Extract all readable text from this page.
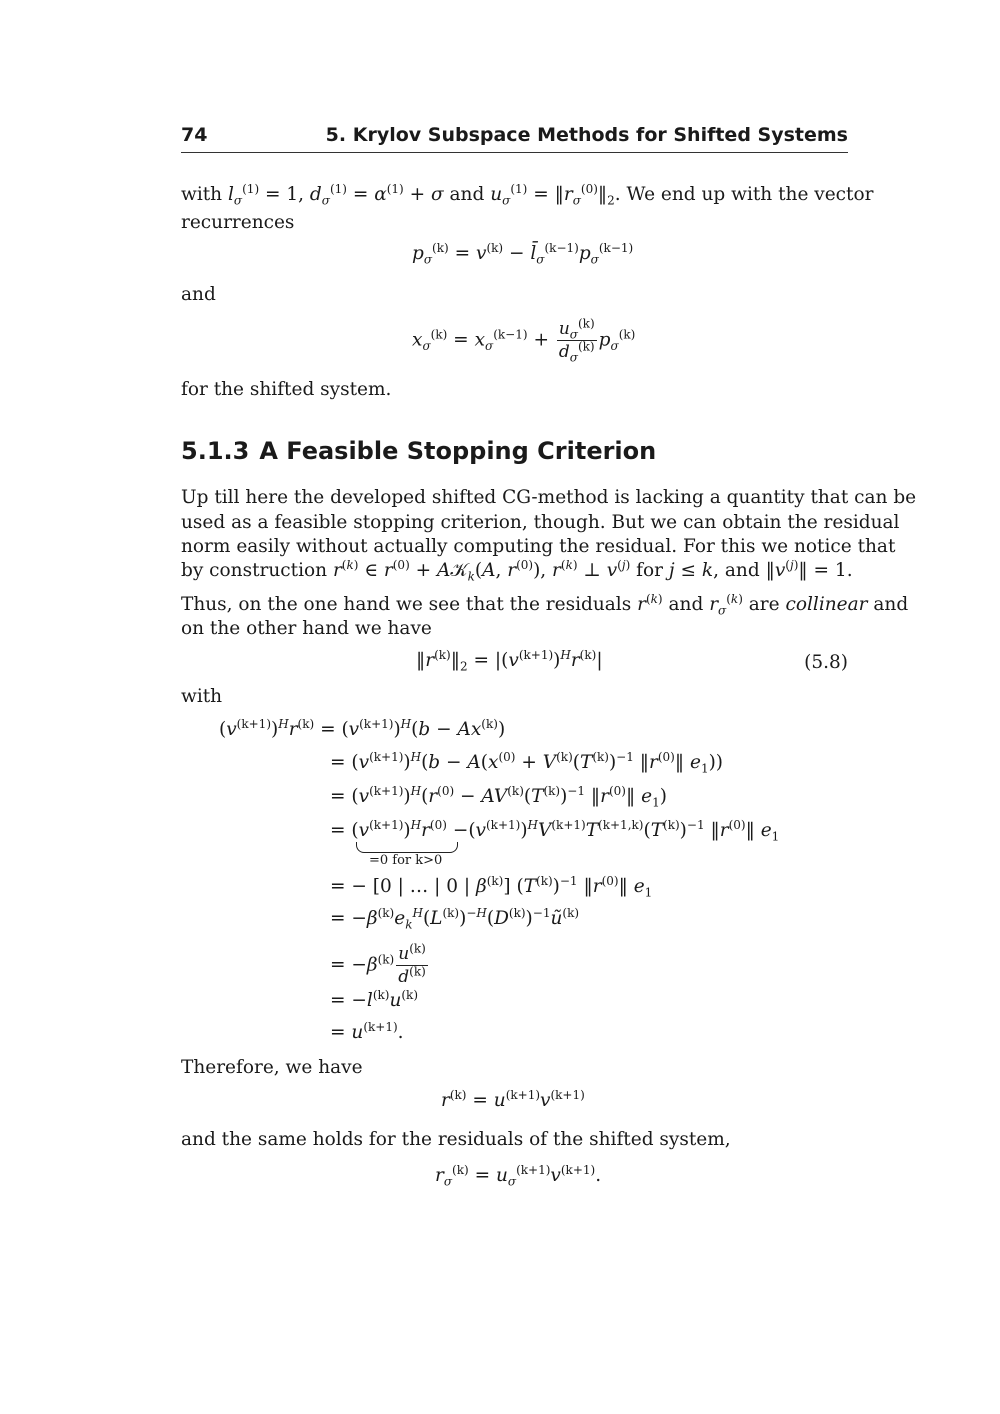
74	5. Krylov Subspace Methods for Shifted Systems
with $l_\sigma^{(1)} = 1$, $d_\sigma^{(1)} = \alpha^{(1)} + \sigma$ and $u_\sigma^{(1)}$ = $‖r_\sigma^{(0)}‖_2$. We end up with the vector
recurrences
$p_\sigma^{(k)} = v^{(k)}$ − $l̄_\sigma^{(k-1)}p_\sigma^{(k-1)}$
and
$x_\sigma^{(k)} = x_\sigma^{(k-1)} + \frac{u_\sigma^{(k)}}{d_\sigma^{(k)}} p_\sigma^{(k)}$
for the shifted system.
5.1.3 A Feasible Stopping Criterion
Up till here the developed shifted CG-method is lacking a quantity that can be
used as a feasible stopping criterion, though. But we can obtain the residual
norm easily without actually computing the residual. For this we notice that
by construction $r^{(k)}$ ∈ $r^{(0)}$ + A𝒦$_k$(A, $r^{(0)}$), $r^{(k)}$ ⊥ $v^{(j)}$ for j ≤ k, and $‖v^{(j)}‖ = 1$.
Thus, on the one hand we see that the residuals $r^{(k)}$ and $r_\sigma^{(k)}$ are collinear and
on the other hand we have
$‖r^{(k)}‖_2 = |(v^{(k+1)})^Hr^{(k)}|$	(5.8)
with
$(v^{(k+1)})^Hr^{(k)} = (v^{(k+1)})^H(b - Ax^{(k)})$
= $(v^{(k+1)})^H(b - A(x^{(0)} + V^{(k)}(T^{(k)})^{-1}$ $‖r^{(0)}‖$ $e_1$))
= $(v^{(k+1)})^H(r^{(0)} - AV^{(k)}(T^{(k)})^{-1}$ $‖r^{(0)}‖$ $e_1$)
= $(v^{(k+1)})^Hr^{(0)} -(v^{(k+1)})^HV^{(k+1)}T^{(k+1,k)}(T^{(k)})^{-1}$ $‖r^{(0)}‖$ $e_1$
=0 for k>0
= − [0 | … | 0 | $\beta^{(k)}$] $(T^{(k)})^{-1}$ $‖r^{(0)}‖$ $e_1$
= $-\beta^{(k)}e_k^H(L^{(k)})^{-H}(D^{(k)})^{-1}ũ^{(k)}$
= $-\beta^{(k)} \frac{u^{(k)}}{d^{(k)}}$
= $-l^{(k)}u^{(k)}$
= $u^{(k+1)}$.
Therefore, we have
$r^{(k)} = u^{(k+1)}v^{(k+1)}$
and the same holds for the residuals of the shifted system,
$r_\sigma^{(k)} = u_\sigma^{(k+1)}v^{(k+1)}$.
